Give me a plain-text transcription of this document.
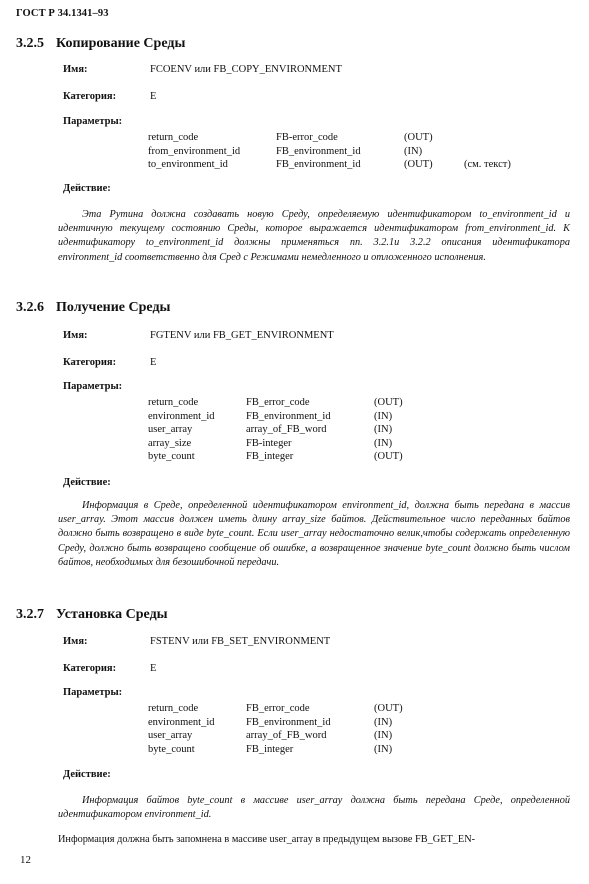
ГОСТ Р 34.1341–93
3.2.5 Копирование Среды
Имя:	FCOENV или FB_COPY_ENVIRONMENT
Категория:	E
Параметры:
return_code	FB-error_code	(OUT)	
from_environment_id	FB_environment_id	(IN)	
to_environment_id	FB_environment_id	(OUT)	(см. текст)
Действие:
Эта Рутина должна создавать новую Среду, определяемую идентификатором to_environment_id и идентичную текущему состоянию Среды, которое выражается идентификатором from_environment_id. К идентификатору to_environment_id должны применяться пп. 3.2.1и 3.2.2 описания идентификатора environment_id соответственно для Сред с Режимами немедленного и отложенного исполнения.
3.2.6 Получение Среды
Имя:	FGTENV или FB_GET_ENVIRONMENT
Категория:	E
Параметры:
return_code	FB_error_code	(OUT)
environment_id	FB_environment_id	(IN)
user_array	array_of_FB_word	(IN)
array_size	FB-integer	(IN)
byte_count	FB_integer	(OUT)
Действие:
Информация в Среде, определенной идентификатором environment_id, должна быть передана в массив user_array. Этот массив должен иметь длину array_size байтов. Действительное число переданных байтов должно быть возвращено в виде byte_count. Если user_array недостаточно велик,чтобы содержать определенную Среду, должно быть возвращено сообщение об ошибке, а возвращенное значение byte_count должно быть числом байтов, необходимых для безошибочной передачи.
3.2.7 Установка Среды
Имя:	FSTENV или FB_SET_ENVIRONMENT
Категория:	E
Параметры:
return_code	FB_error_code	(OUT)
environment_id	FB_environment_id	(IN)
user_array	array_of_FB_word	(IN)
byte_count	FB_integer	(IN)
Действие:
Информация байтов byte_count в массиве user_array должна быть передана Среде, определенной идентификатором environment_id.
Информация должна быть запомнена в массиве user_array в предыдущем вызове FB_GET_EN-
12
